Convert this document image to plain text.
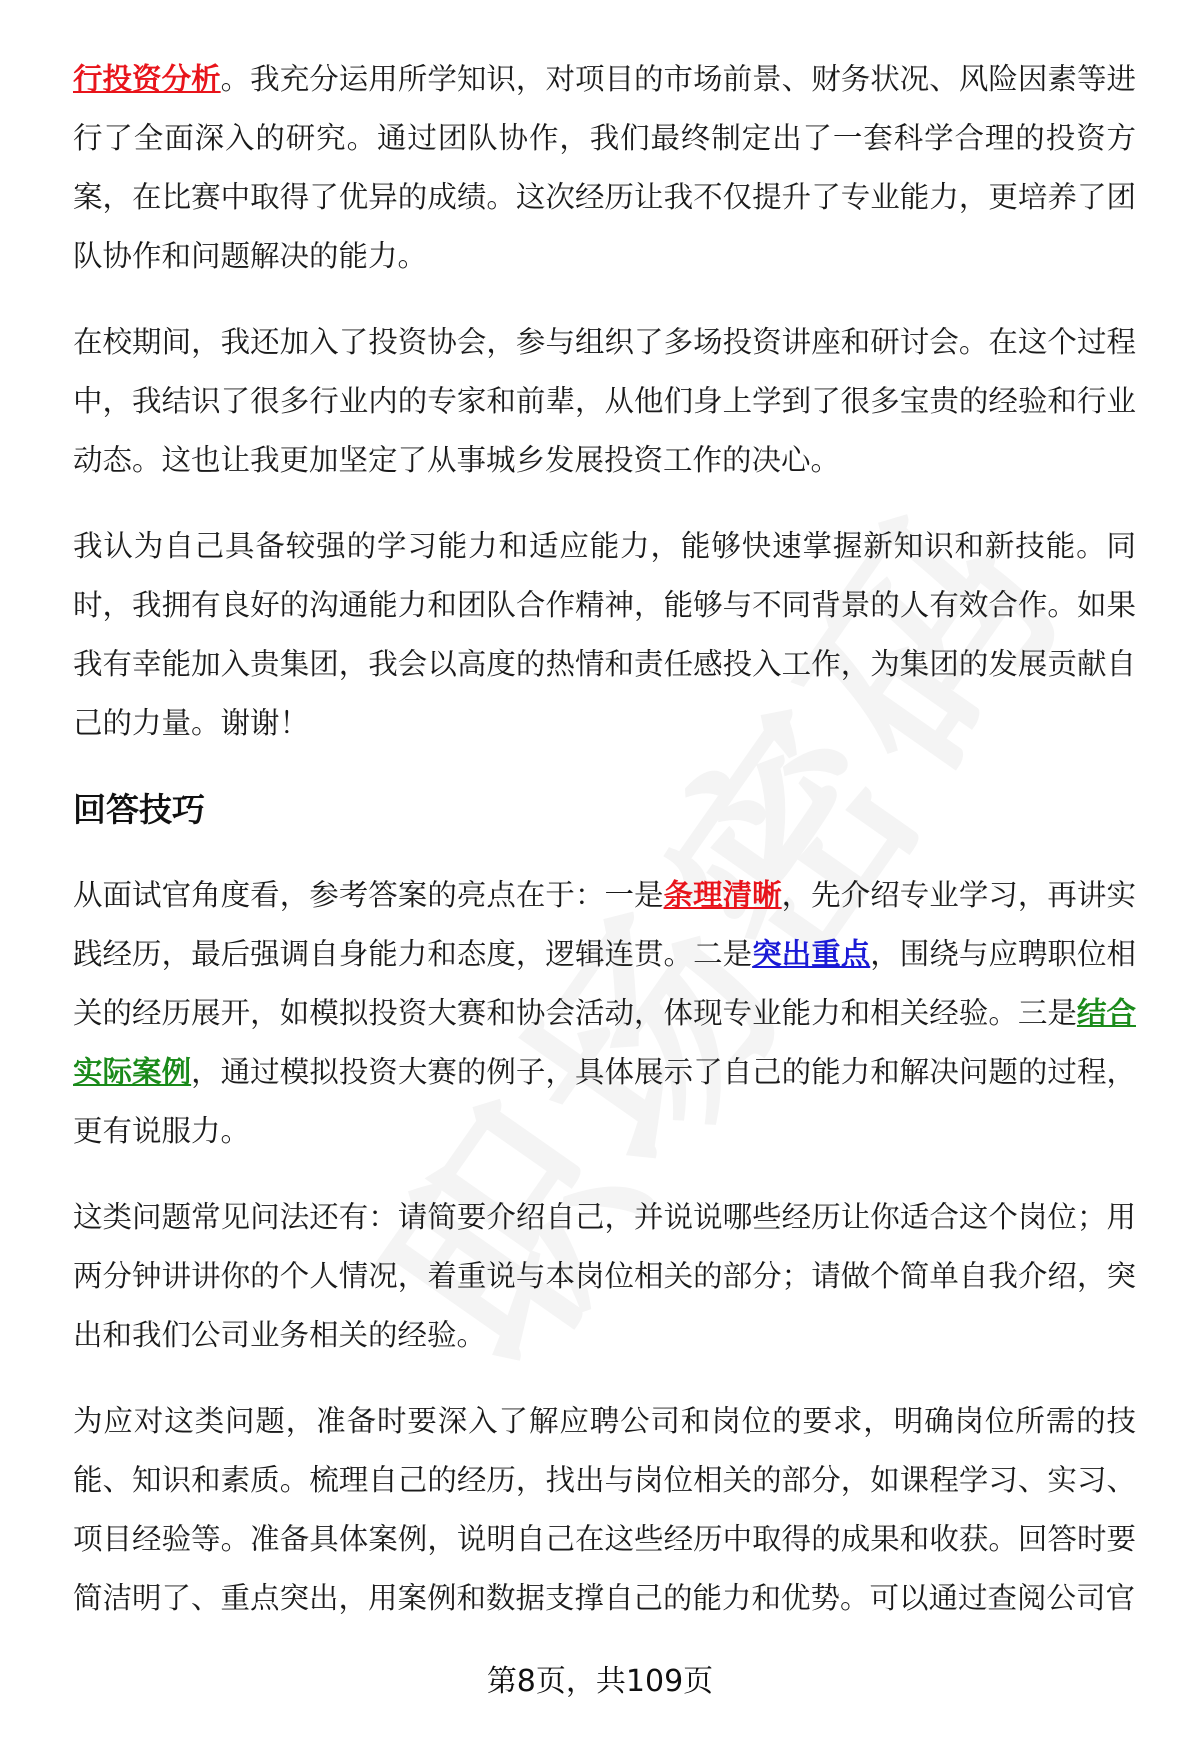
行投资分析。我充分运用所学知识，对项目的市场前景、财务状况、风险因素等进行了全面深入的研究。通过团队协作，我们最终制定出了一套科学合理的投资方案，在比赛中取得了优异的成绩。这次经历让我不仅提升了专业能力，更培养了团队协作和问题解决的能力。

在校期间，我还加入了投资协会，参与组织了多场投资讲座和研讨会。在这个过程中，我结识了很多行业内的专家和前辈，从他们身上学到了很多宝贵的经验和行业动态。这也让我更加坚定了从事城乡发展投资工作的决心。

我认为自己具备较强的学习能力和适应能力，能够快速掌握新知识和新技能。同时，我拥有良好的沟通能力和团队合作精神，能够与不同背景的人有效合作。如果我有幸能加入贵集团，我会以高度的热情和责任感投入工作，为集团的发展贡献自己的力量。谢谢！

回答技巧

从面试官角度看，参考答案的亮点在于：一是条理清晰，先介绍专业学习，再讲实践经历，最后强调自身能力和态度，逻辑连贯。二是突出重点，围绕与应聘职位相关的经历展开，如模拟投资大赛和协会活动，体现专业能力和相关经验。三是结合实际案例，通过模拟投资大赛的例子，具体展示了自己的能力和解决问题的过程，更有说服力。

这类问题常见问法还有：请简要介绍自己，并说说哪些经历让你适合这个岗位；用两分钟讲讲你的个人情况，着重说与本岗位相关的部分；请做个简单自我介绍，突出和我们公司业务相关的经验。

为应对这类问题，准备时要深入了解应聘公司和岗位的要求，明确岗位所需的技能、知识和素质。梳理自己的经历，找出与岗位相关的部分，如课程学习、实习、项目经验等。准备具体案例，说明自己在这些经历中取得的成果和收获。回答时要简洁明了、重点突出，用案例和数据支撑自己的能力和优势。可以通过查阅公司官

第8页，共109页
